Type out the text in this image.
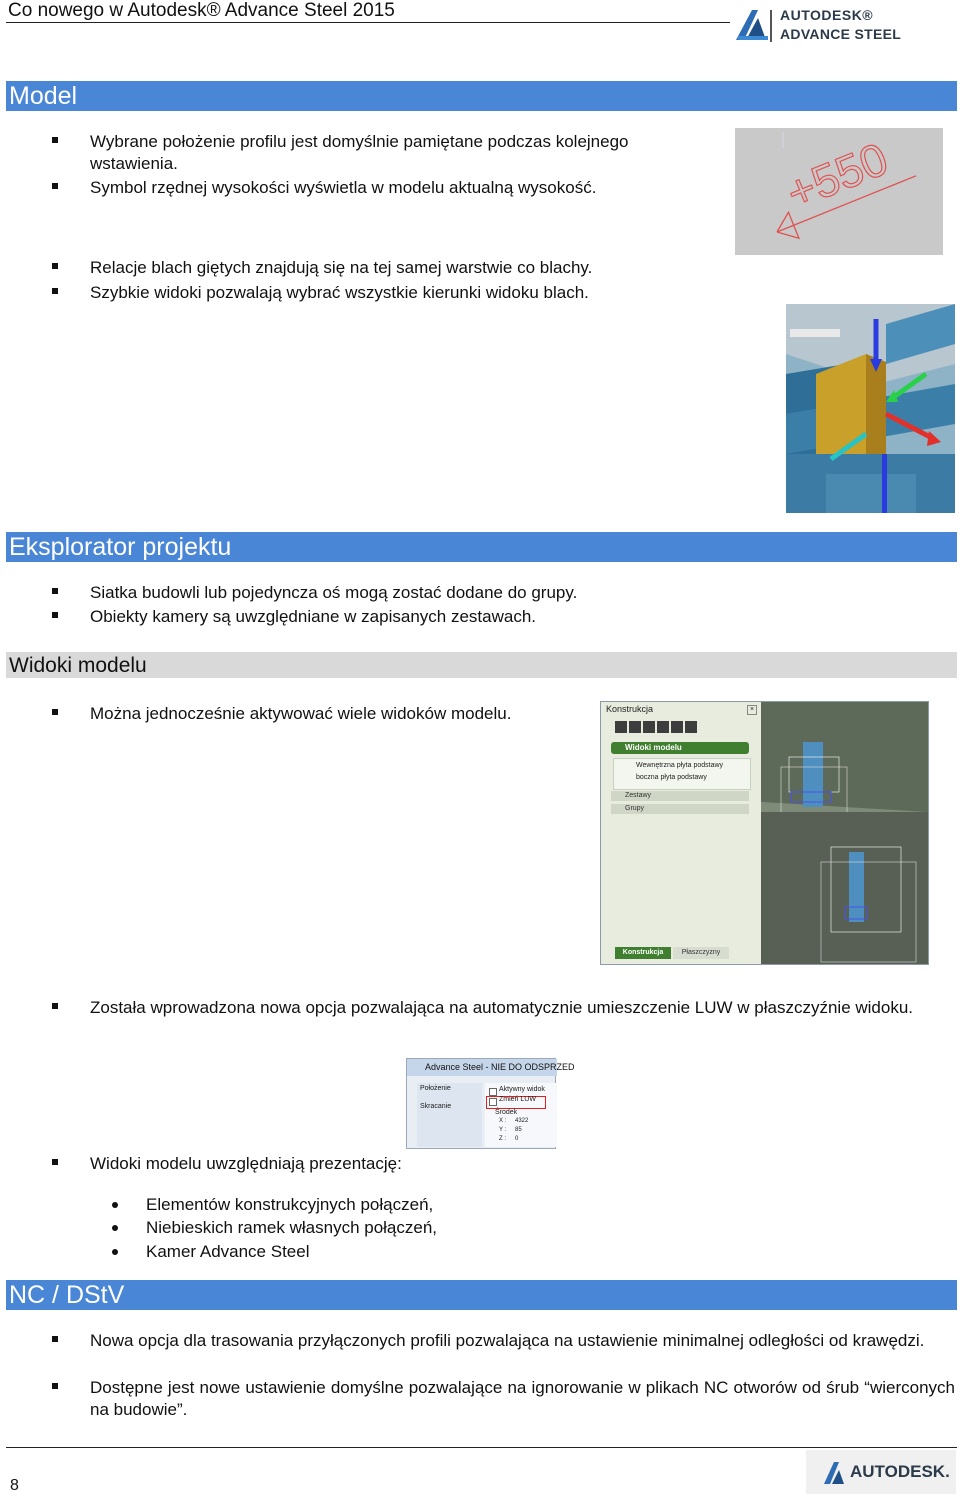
Co nowego w Autodesk® Advance Steel 2015	AUTODESK®
ADVANCE STEEL
Model
Wybrane położenie profilu jest domyślnie pamiętane podczas kolejnego wstawienia.
Symbol rzędnej wysokości wyświetla w modelu aktualną wysokość.
Relacje blach giętych znajdują się na tej samej warstwie co blachy.
Szybkie widoki pozwalają wybrać wszystkie kierunki widoku blach.
+550
Eksplorator projektu
Siatka budowli lub pojedyncza oś mogą zostać dodane do grupy.
Obiekty kamery są uwzględniane w zapisanych zestawach.
Widoki modelu
Można jednocześnie aktywować wiele widoków modelu.	Konstrukcja	×
Widoki modelu
Wewnętrzna płyta podstawy
boczna płyta podstawy
Zestawy
Grupy
Konstrukcja	Płaszczyzny
Została wprowadzona nowa opcja pozwalająca na automatycznie umieszczenie LUW w płaszczyźnie widoku.
Advance Steel - NIE DO ODSPRZED
Położenie
Skracanie
Aktywny widok
Zmień LUW
Środek
X : 4322
Y : 85
Z : 0
Widoki modelu uwzględniają prezentację:
Elementów konstrukcyjnych połączeń,
Niebieskich ramek własnych połączeń,
Kamer Advance Steel
NC / DStV
Nowa opcja dla trasowania przyłączonych profili pozwalająca na ustawienie minimalnej odległości od krawędzi.
Dostępne jest nowe ustawienie domyślne pozwalające na ignorowanie w plikach NC otworów od śrub “wierconych na budowie”.
8
AUTODESK.
